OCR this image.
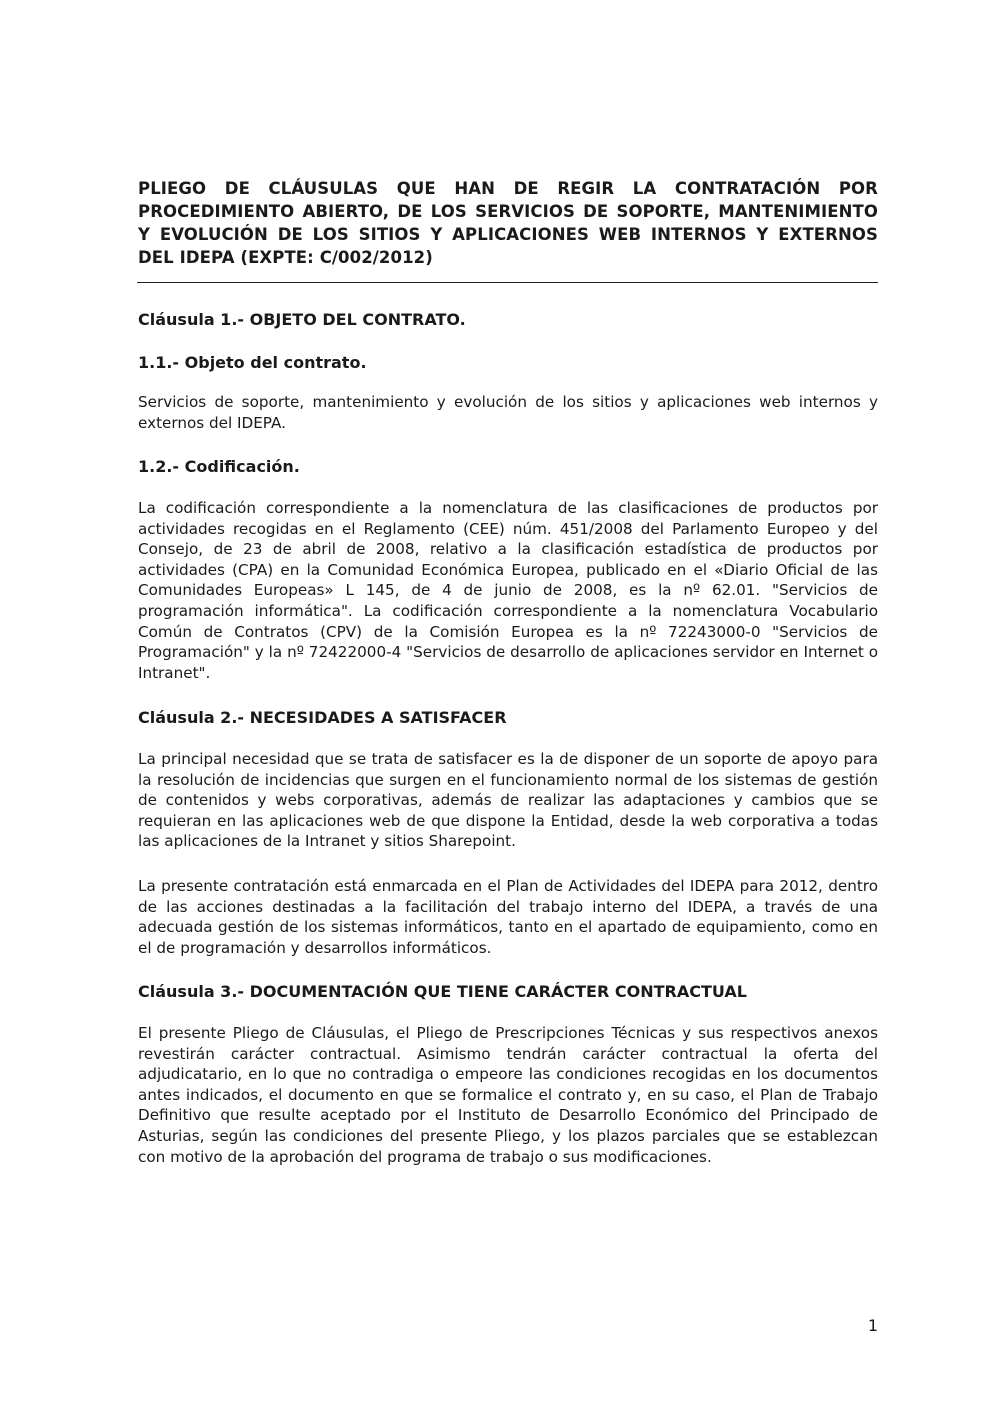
PLIEGO DE CLÁUSULAS QUE HAN DE REGIR LA CONTRATACIÓN POR PROCEDIMIENTO ABIERTO, DE LOS SERVICIOS DE SOPORTE, MANTENIMIENTO Y EVOLUCIÓN DE LOS SITIOS Y APLICACIONES WEB INTERNOS Y EXTERNOS DEL IDEPA (EXPTE: C/002/2012)
Cláusula 1.- OBJETO DEL CONTRATO.
1.1.- Objeto del contrato.

Servicios de soporte, mantenimiento y evolución de los sitios y aplicaciones web internos y externos del IDEPA.

1.2.- Codificación.

La codificación correspondiente a la nomenclatura de las clasificaciones de productos por actividades recogidas en el Reglamento (CEE) núm. 451/2008 del Parlamento Europeo y del Consejo, de 23 de abril de 2008, relativo a la clasificación estadística de productos por actividades (CPA) en la Comunidad Económica Europea, publicado en el «Diario Oficial de las Comunidades Europeas» L 145, de 4 de junio de 2008, es la nº 62.01. "Servicios de programación informática". La codificación correspondiente a la nomenclatura Vocabulario Común de Contratos (CPV) de la Comisión Europea es la nº 72243000-0 "Servicios de Programación" y la nº 72422000-4 "Servicios de desarrollo de aplicaciones servidor en Internet o Intranet".

Cláusula 2.- NECESIDADES A SATISFACER

La principal necesidad que se trata de satisfacer es la de disponer de un soporte de apoyo para la resolución de incidencias que surgen en el funcionamiento normal de los sistemas de gestión de contenidos y webs corporativas, además de realizar las adaptaciones y cambios que se requieran en las aplicaciones web de que dispone la Entidad, desde la web corporativa a todas las aplicaciones de la Intranet y sitios Sharepoint.

La presente contratación está enmarcada en el Plan de Actividades del IDEPA para 2012, dentro de las acciones destinadas a la facilitación del trabajo interno del IDEPA, a través de una adecuada gestión de los sistemas informáticos, tanto en el apartado de equipamiento, como en el de programación y desarrollos informáticos.

Cláusula 3.- DOCUMENTACIÓN QUE TIENE CARÁCTER CONTRACTUAL

El presente Pliego de Cláusulas, el Pliego de Prescripciones Técnicas y sus respectivos anexos revestirán carácter contractual. Asimismo tendrán carácter contractual la oferta del adjudicatario, en lo que no contradiga o empeore las condiciones recogidas en los documentos antes indicados, el documento en que se formalice el contrato y, en su caso, el Plan de Trabajo Definitivo que resulte aceptado por el Instituto de Desarrollo Económico del Principado de Asturias, según las condiciones del presente Pliego, y los plazos parciales que se establezcan con motivo de la aprobación del programa de trabajo o sus modificaciones.

1
